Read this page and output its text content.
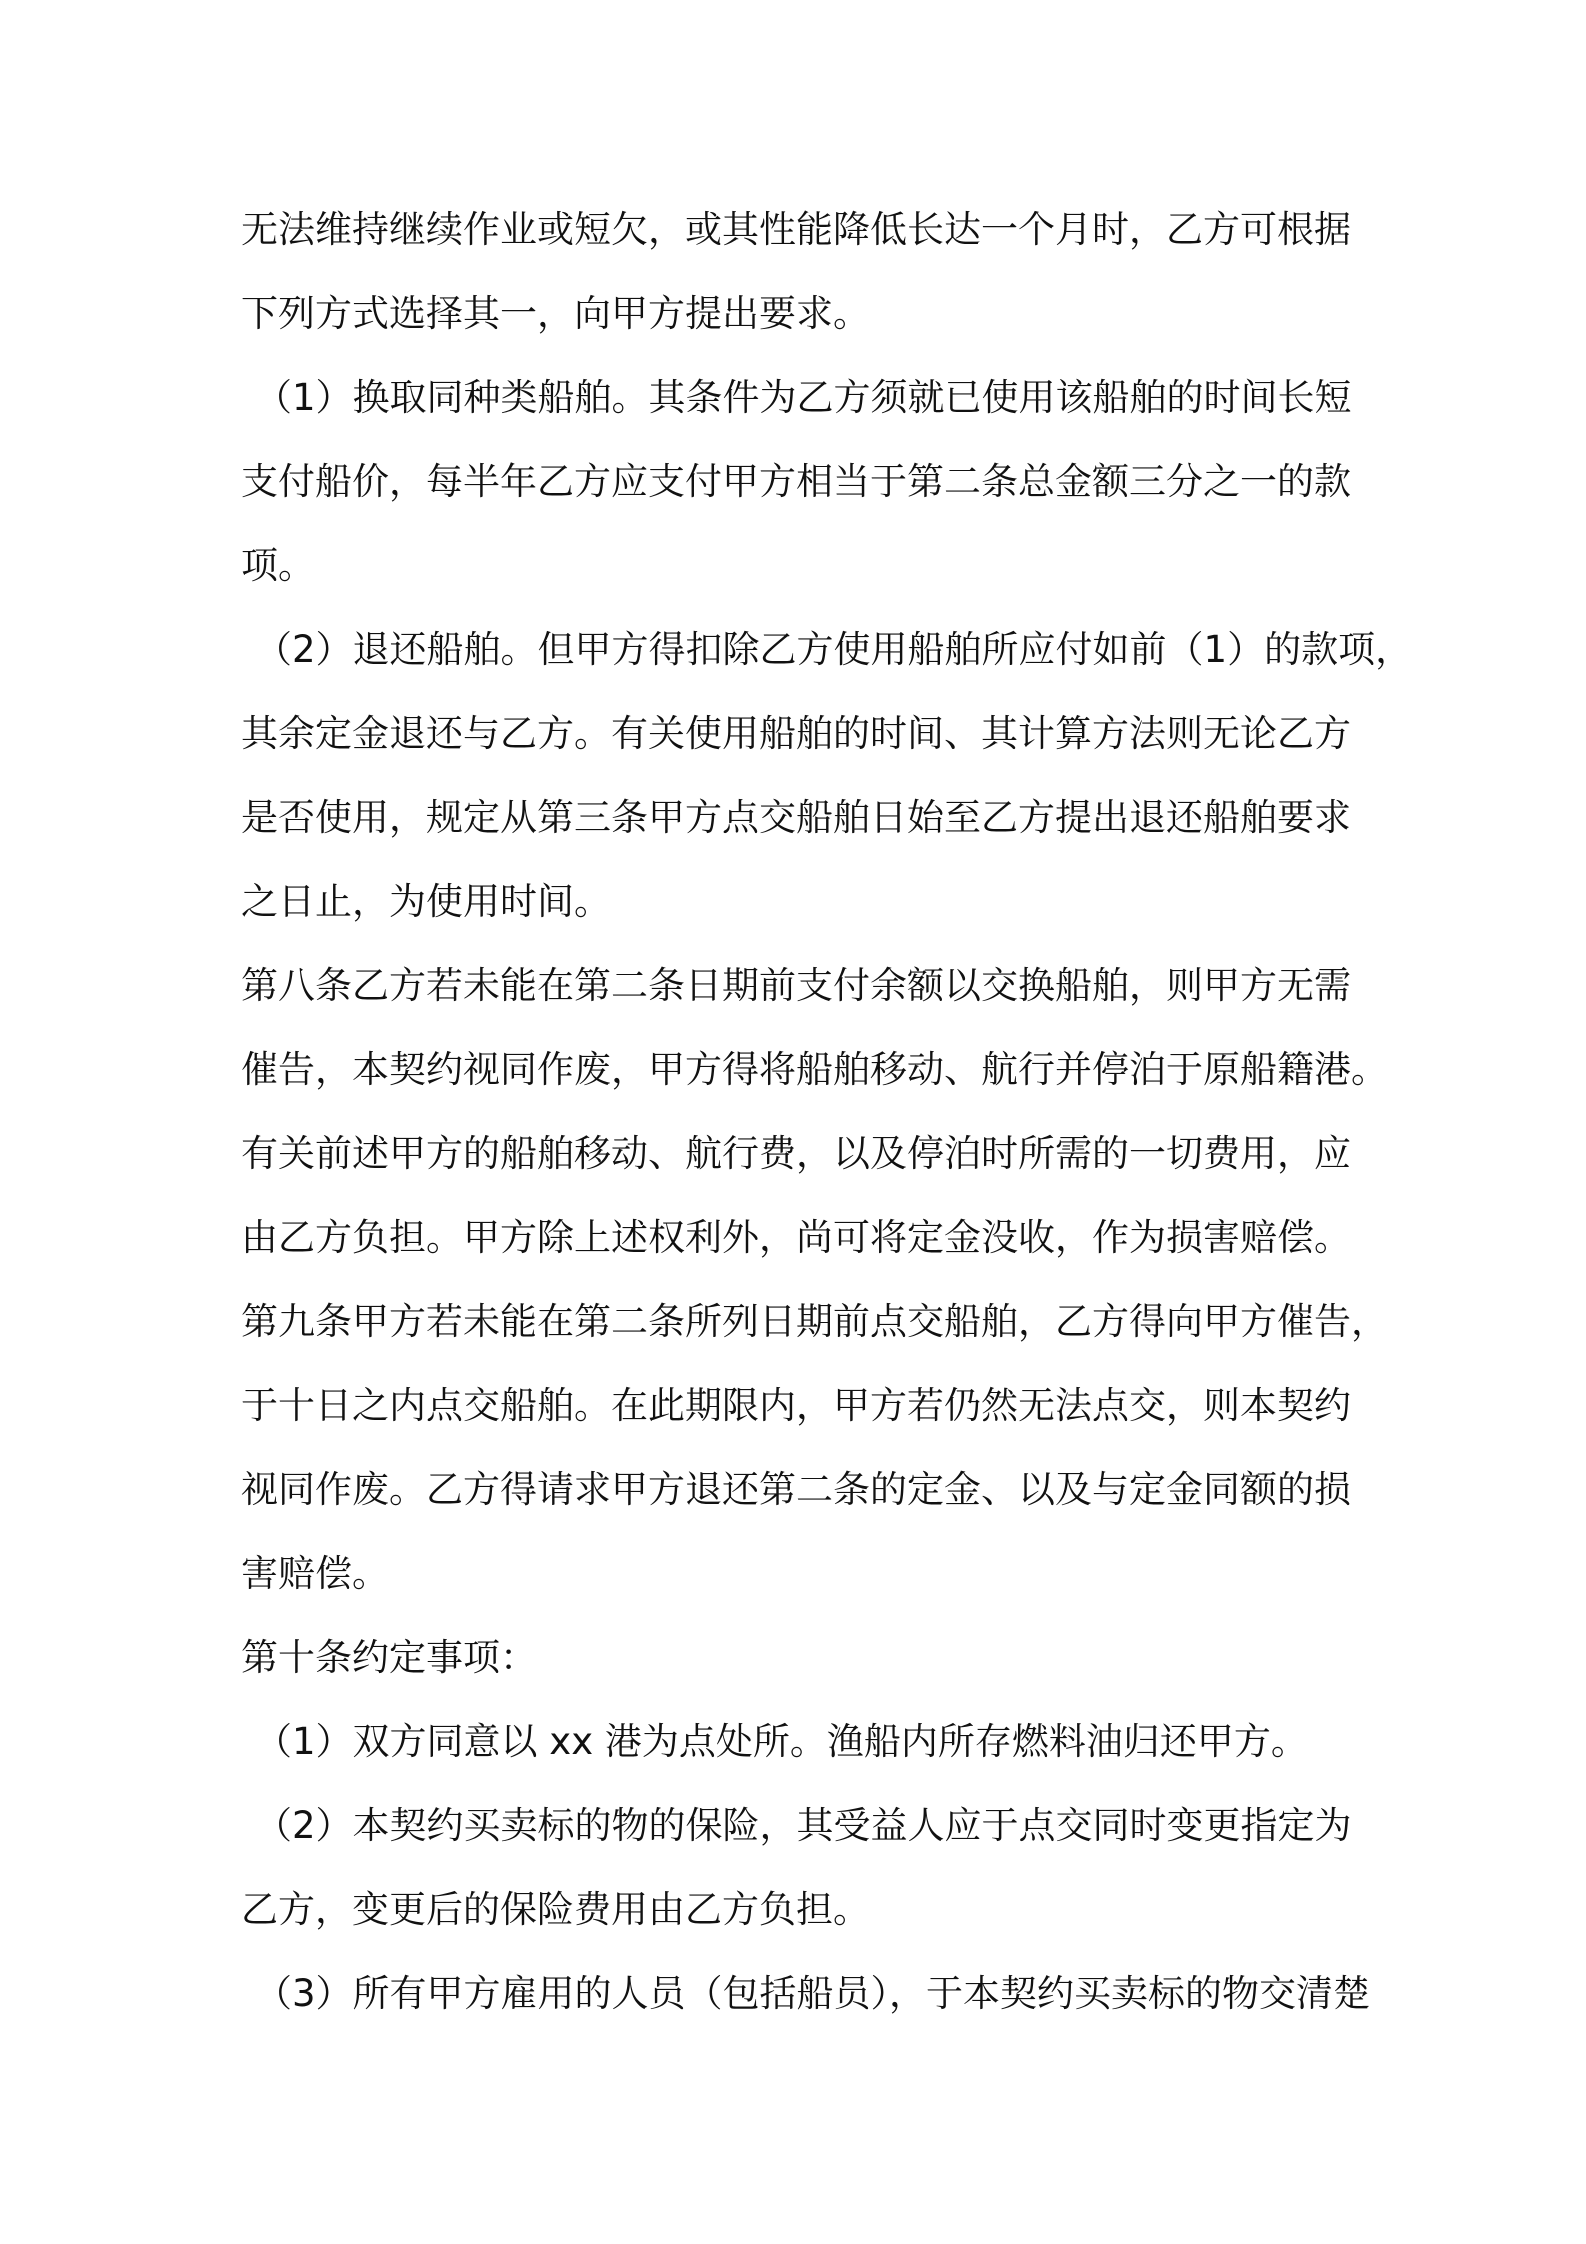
无法维持继续作业或短欠，或其性能降低长达一个月时，乙方可根据

下列方式选择其一，向甲方提出要求。

（1）换取同种类船舶。其条件为乙方须就已使用该船舶的时间长短

支付船价，每半年乙方应支付甲方相当于第二条总金额三分之一的款

项。

（2）退还船舶。但甲方得扣除乙方使用船舶所应付如前（1）的款项，

其余定金退还与乙方。有关使用船舶的时间、其计算方法则无论乙方

是否使用，规定从第三条甲方点交船舶日始至乙方提出退还船舶要求

之日止，为使用时间。

第八条乙方若未能在第二条日期前支付余额以交换船舶，则甲方无需

催告，本契约视同作废，甲方得将船舶移动、航行并停泊于原船籍港。

有关前述甲方的船舶移动、航行费，以及停泊时所需的一切费用，应

由乙方负担。甲方除上述权利外，尚可将定金没收，作为损害赔偿。

第九条甲方若未能在第二条所列日期前点交船舶，乙方得向甲方催告，

于十日之内点交船舶。在此期限内，甲方若仍然无法点交，则本契约

视同作废。乙方得请求甲方退还第二条的定金、以及与定金同额的损

害赔偿。

第十条约定事项：

（1）双方同意以 xx 港为点处所。渔船内所存燃料油归还甲方。

（2）本契约买卖标的物的保险，其受益人应于点交同时变更指定为

乙方，变更后的保险费用由乙方负担。

（3）所有甲方雇用的人员（包括船员），于本契约买卖标的物交清楚
